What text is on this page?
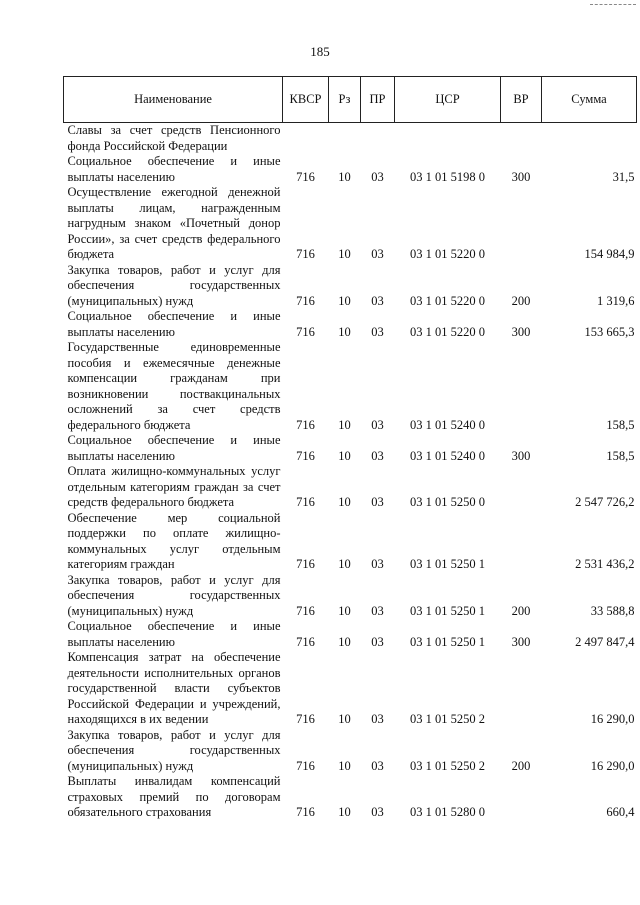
185
Наименование	КВСР	Рз	ПР	ЦСР	ВР	Сумма
Славы за счет средств Пенсионного фонда Российской Федерации						
Социальное обеспечение и иные выплаты населению	716	10	03	03 1 01 5198 0	300	31,5
Осуществление ежегодной денежной выплаты лицам, награжденным нагрудным знаком «Почетный донор России», за счет средств федерального бюджета	716	10	03	03 1 01 5220 0		154 984,9
Закупка товаров, работ и услуг для обеспечения государственных (муниципальных) нужд	716	10	03	03 1 01 5220 0	200	1 319,6
Социальное обеспечение и иные выплаты населению	716	10	03	03 1 01 5220 0	300	153 665,3
Государственные единовременные пособия и ежемесячные денежные компенсации гражданам при возникновении поствакцинальных осложнений за счет средств федерального бюджета	716	10	03	03 1 01 5240 0		158,5
Социальное обеспечение и иные выплаты населению	716	10	03	03 1 01 5240 0	300	158,5
Оплата жилищно-коммунальных услуг отдельным категориям граждан за счет средств федерального бюджета	716	10	03	03 1 01 5250 0		2 547 726,2
Обеспечение мер социальной поддержки по оплате жилищно-коммунальных услуг отдельным категориям граждан	716	10	03	03 1 01 5250 1		2 531 436,2
Закупка товаров, работ и услуг для обеспечения государственных (муниципальных) нужд	716	10	03	03 1 01 5250 1	200	33 588,8
Социальное обеспечение и иные выплаты населению	716	10	03	03 1 01 5250 1	300	2 497 847,4
Компенсация затрат на обеспечение деятельности исполнительных органов государственной власти субъектов Российской Федерации и учреждений, находящихся в их ведении	716	10	03	03 1 01 5250 2		16 290,0
Закупка товаров, работ и услуг для обеспечения государственных (муниципальных) нужд	716	10	03	03 1 01 5250 2	200	16 290,0
Выплаты инвалидам компенсаций страховых премий по договорам обязательного страхования	716	10	03	03 1 01 5280 0		660,4
